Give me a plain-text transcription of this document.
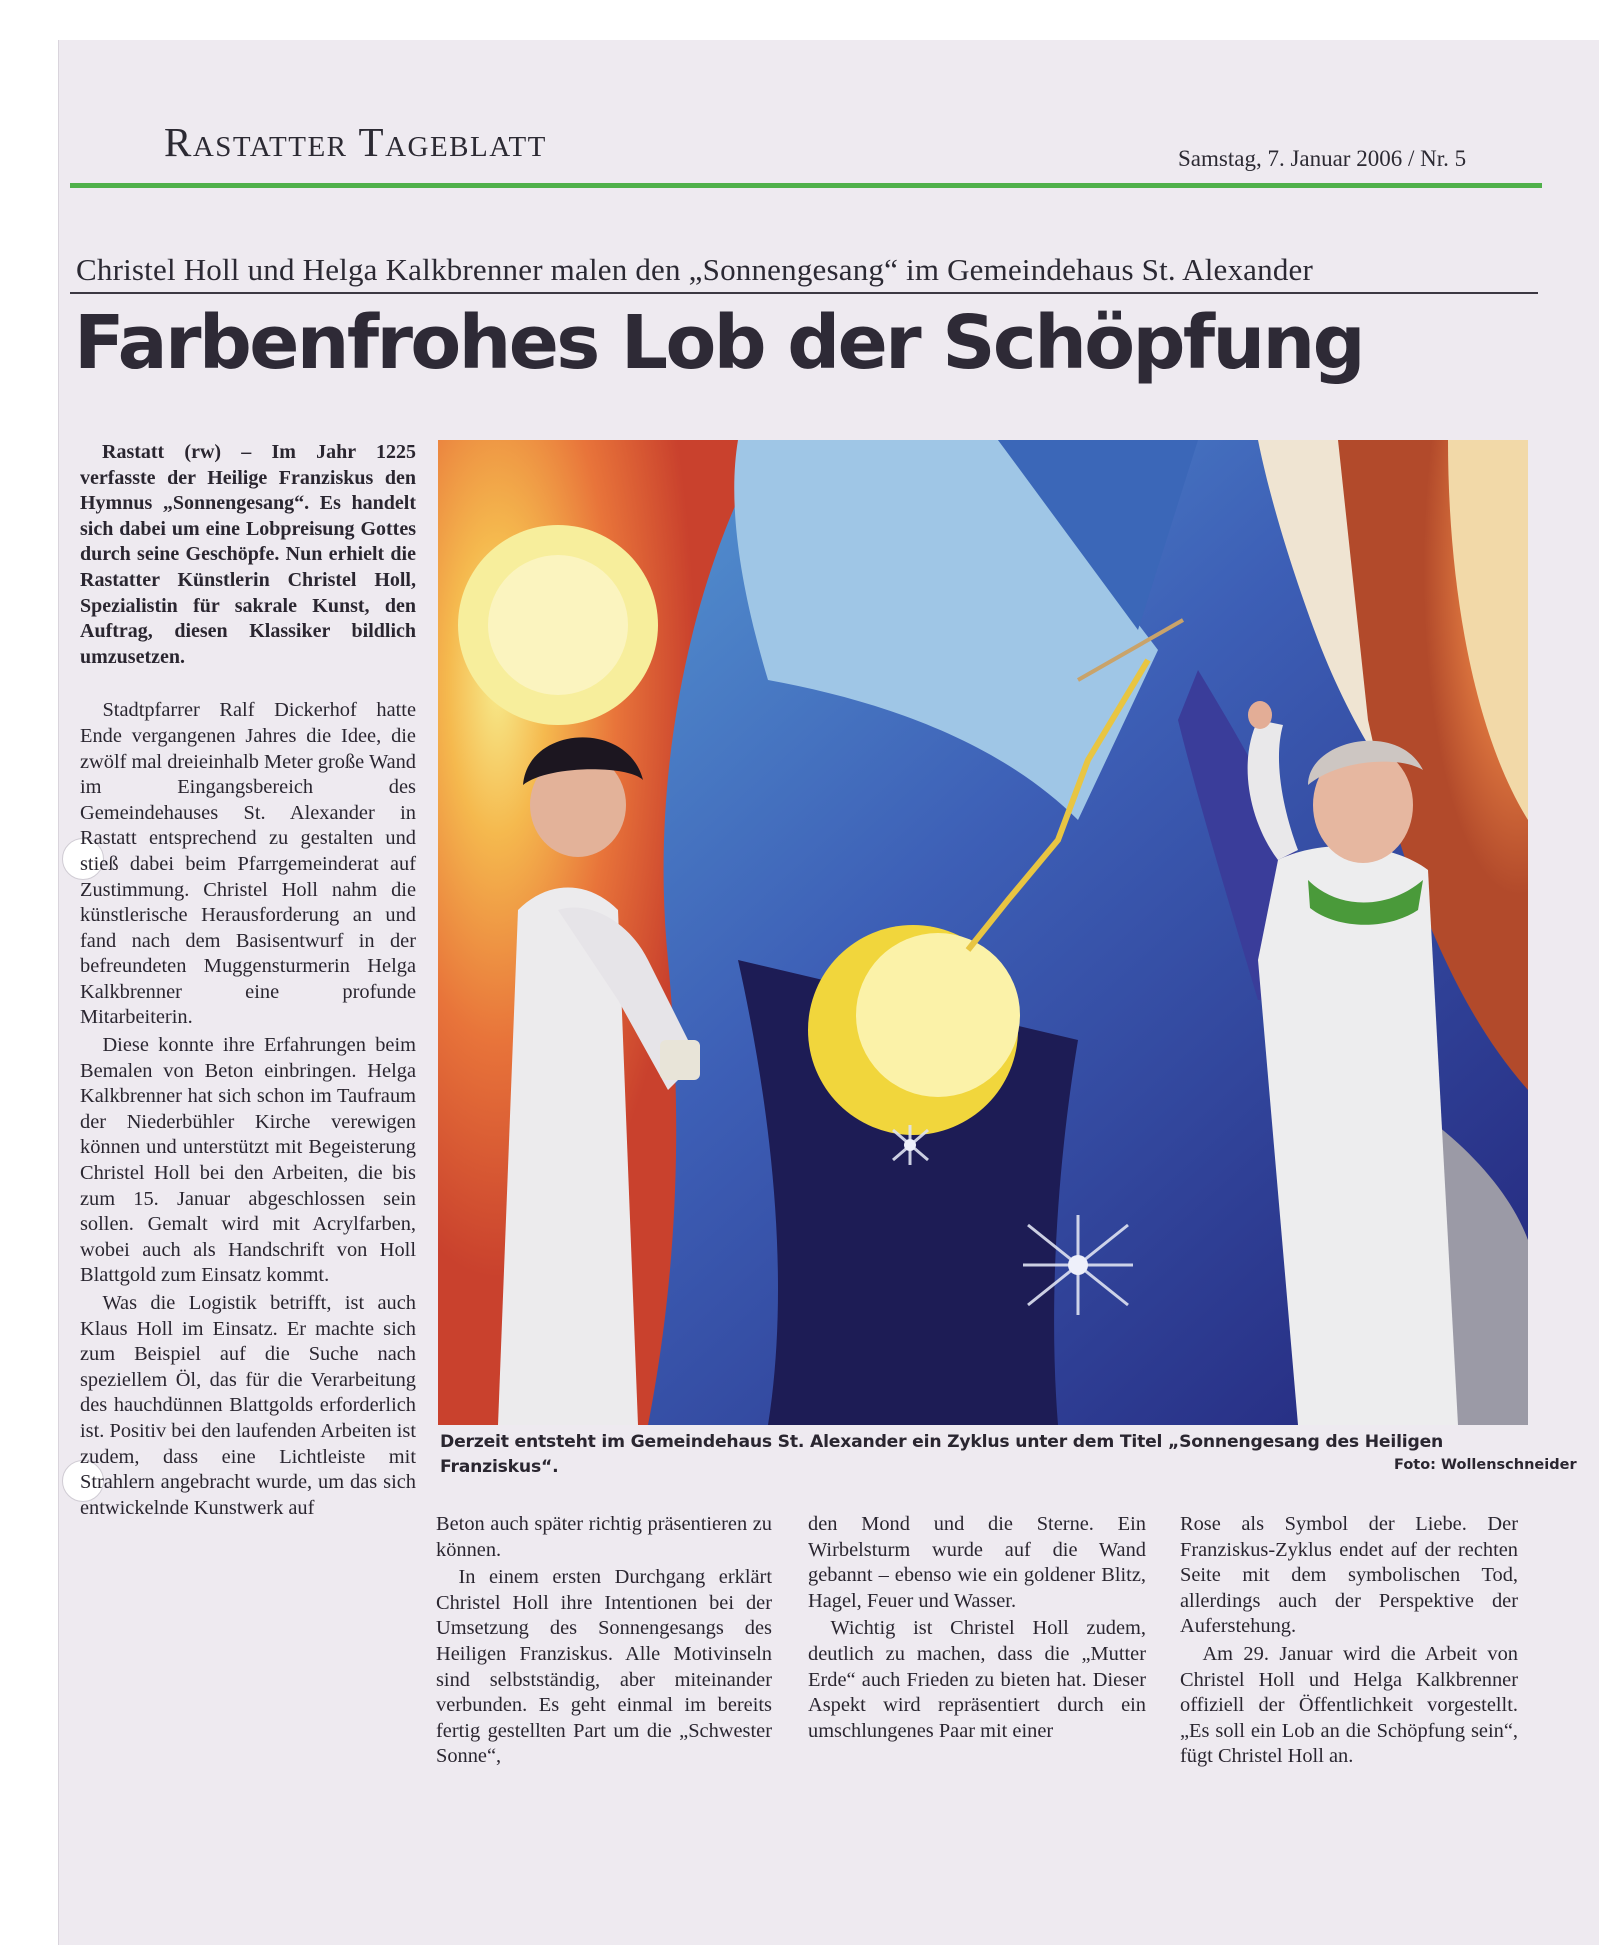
Rastatter Tageblatt	Samstag, 7. Januar 2006 / Nr. 5
Christel Holl und Helga Kalkbrenner malen den „Sonnengesang“ im Gemeindehaus St. Alexander
Farbenfrohes Lob der Schöpfung

Rastatt (rw) – Im Jahr 1225 verfasste der Heilige Franziskus den Hymnus „Sonnengesang“. Es handelt sich dabei um eine Lobpreisung Gottes durch seine Geschöpfe. Nun erhielt die Rastatter Künstlerin Christel Holl, Spezialistin für sakrale Kunst, den Auftrag, diesen Klassiker bildlich umzusetzen.

Stadtpfarrer Ralf Dickerhof hatte Ende vergangenen Jahres die Idee, die zwölf mal dreieinhalb Meter große Wand im Eingangsbereich des Gemeindehauses St. Alexander in Rastatt entsprechend zu gestalten und stieß dabei beim Pfarrgemeinderat auf Zustimmung. Christel Holl nahm die künstlerische Herausforderung an und fand nach dem Basisentwurf in der befreundeten Muggensturmerin Helga Kalkbrenner eine profunde Mitarbeiterin.

Diese konnte ihre Erfahrungen beim Bemalen von Beton einbringen. Helga Kalkbrenner hat sich schon im Taufraum der Niederbühler Kirche verewigen können und unterstützt mit Begeisterung Christel Holl bei den Arbeiten, die bis zum 15. Januar abgeschlossen sein sollen. Gemalt wird mit Acrylfarben, wobei auch als Handschrift von Holl Blattgold zum Einsatz kommt.

Was die Logistik betrifft, ist auch Klaus Holl im Einsatz. Er machte sich zum Beispiel auf die Suche nach speziellem Öl, das für die Verarbeitung des hauchdünnen Blattgolds erforderlich ist. Positiv bei den laufenden Arbeiten ist zudem, dass eine Lichtleiste mit Strahlern angebracht wurde, um das sich entwickelnde Kunstwerk auf

Derzeit entsteht im Gemeindehaus St. Alexander ein Zyklus unter dem Titel „Sonnengesang des Heiligen Franziskus“.	Foto: Wollenschneider

Beton auch später richtig präsentieren zu können.

In einem ersten Durchgang erklärt Christel Holl ihre Intentionen bei der Umsetzung des Sonnengesangs des Heiligen Franziskus. Alle Motivinseln sind selbstständig, aber miteinander verbunden. Es geht einmal im bereits fertig gestellten Part um die „Schwester Sonne“,

den Mond und die Sterne. Ein Wirbelsturm wurde auf die Wand gebannt – ebenso wie ein goldener Blitz, Hagel, Feuer und Wasser.

Wichtig ist Christel Holl zudem, deutlich zu machen, dass die „Mutter Erde“ auch Frieden zu bieten hat. Dieser Aspekt wird repräsentiert durch ein umschlungenes Paar mit einer

Rose als Symbol der Liebe. Der Franziskus-Zyklus endet auf der rechten Seite mit dem symbolischen Tod, allerdings auch der Perspektive der Auferstehung.

Am 29. Januar wird die Arbeit von Christel Holl und Helga Kalkbrenner offiziell der Öffentlichkeit vorgestellt. „Es soll ein Lob an die Schöpfung sein“, fügt Christel Holl an.
